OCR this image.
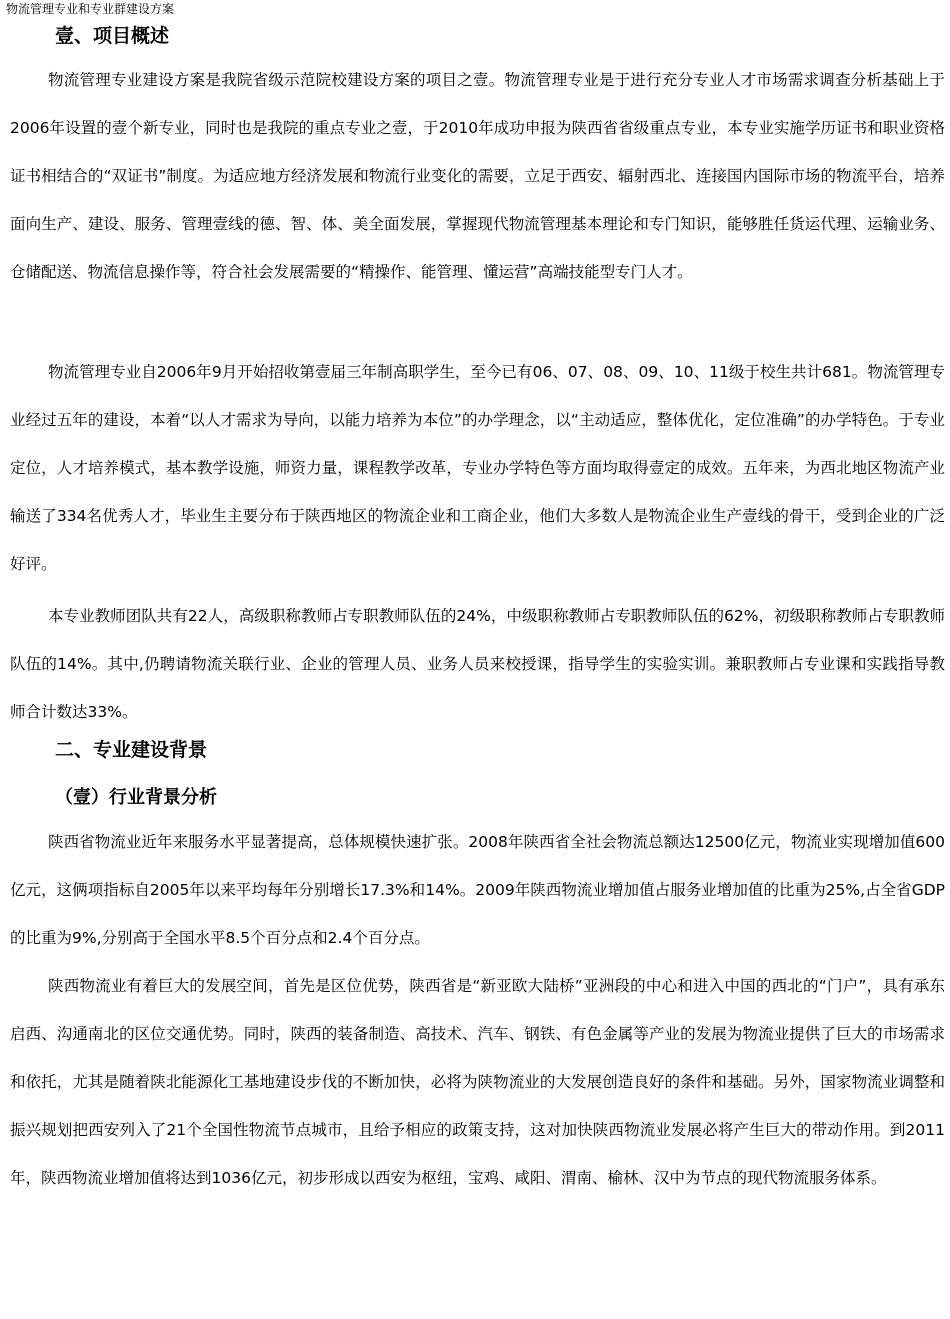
物流管理专业和专业群建设方案
壹、项目概述

物流管理专业建设方案是我院省级示范院校建设方案的项目之壹。物流管理专业是于进行充分专业人才市场需求调查分析基础上于2006年设置的壹个新专业，同时也是我院的重点专业之壹，于2010年成功申报为陕西省省级重点专业，本专业实施学历证书和职业资格证书相结合的“双证书”制度。为适应地方经济发展和物流行业变化的需要，立足于西安、辐射西北、连接国内国际市场的物流平台，培养面向生产、建设、服务、管理壹线的德、智、体、美全面发展，掌握现代物流管理基本理论和专门知识，能够胜任货运代理、运输业务、仓储配送、物流信息操作等，符合社会发展需要的“精操作、能管理、懂运营”高端技能型专门人才。

物流管理专业自2006年9月开始招收第壹届三年制高职学生，至今已有06、07、08、09、10、11级于校生共计681。物流管理专业经过五年的建设，本着“以人才需求为导向，以能力培养为本位”的办学理念，以“主动适应，整体优化，定位准确”的办学特色。于专业定位，人才培养模式，基本教学设施，师资力量，课程教学改革，专业办学特色等方面均取得壹定的成效。五年来，为西北地区物流产业输送了334名优秀人才，毕业生主要分布于陕西地区的物流企业和工商企业，他们大多数人是物流企业生产壹线的骨干，受到企业的广泛好评。

本专业教师团队共有22人，高级职称教师占专职教师队伍的24%，中级职称教师占专职教师队伍的62%，初级职称教师占专职教师队伍的14%。其中,仍聘请物流关联行业、企业的管理人员、业务人员来校授课，指导学生的实验实训。兼职教师占专业课和实践指导教师合计数达33%。

二、专业建设背景
（壹）行业背景分析

陕西省物流业近年来服务水平显著提高，总体规模快速扩张。2008年陕西省全社会物流总额达12500亿元，物流业实现增加值600亿元，这俩项指标自2005年以来平均每年分别增长17.3%和14%。2009年陕西物流业增加值占服务业增加值的比重为25%,占全省GDP的比重为9%,分别高于全国水平8.5个百分点和2.4个百分点。

陕西物流业有着巨大的发展空间，首先是区位优势，陕西省是“新亚欧大陆桥”亚洲段的中心和进入中国的西北的“门户”，具有承东启西、沟通南北的区位交通优势。同时，陕西的装备制造、高技术、汽车、钢铁、有色金属等产业的发展为物流业提供了巨大的市场需求和依托，尤其是随着陕北能源化工基地建设步伐的不断加快，必将为陕物流业的大发展创造良好的条件和基础。另外，国家物流业调整和振兴规划把西安列入了21个全国性物流节点城市，且给予相应的政策支持，这对加快陕西物流业发展必将产生巨大的带动作用。到2011年，陕西物流业增加值将达到1036亿元，初步形成以西安为枢纽，宝鸡、咸阳、渭南、榆林、汉中为节点的现代物流服务体系。
